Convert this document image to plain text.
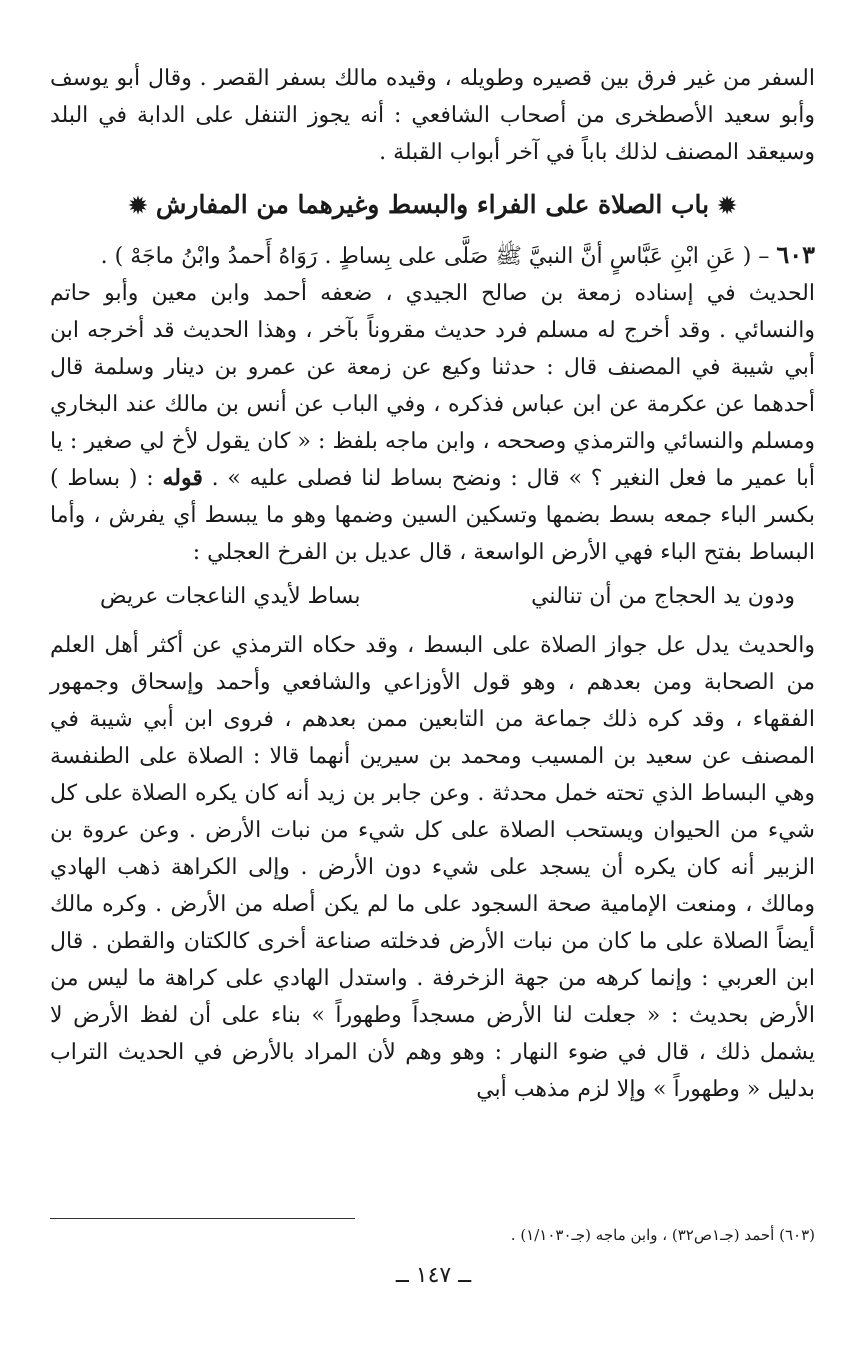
السفر من غير فرق بين قصيره وطويله ، وقيده مالك بسفر القصر . وقال أبو يوسف وأبو سعيد الأصطخرى من أصحاب الشافعي : أنه يجوز التنفل على الدابة في البلد وسيعقد المصنف لذلك باباً في آخر أبواب القبلة .

✹ باب الصلاة على الفراء والبسط وغيرهما من المفارش ✹

٦٠٣ – ( عَنِ ابْنِ عَبَّاسٍ أنَّ النبيَّ ﷺ صَلَّى على بِساطٍ . رَوَاهُ أَحمدُ وابْنُ ماجَهْ ) .

الحديث في إسناده زمعة بن صالح الجيدي ، ضعفه أحمد وابن معين وأبو حاتم والنسائي . وقد أخرج له مسلم فرد حديث مقروناً بآخر ، وهذا الحديث قد أخرجه ابن أبي شيبة في المصنف قال : حدثنا وكيع عن زمعة عن عمرو بن دينار وسلمة قال أحدهما عن عكرمة عن ابن عباس فذكره ، وفي الباب عن أنس بن مالك عند البخاري ومسلم والنسائي والترمذي وصححه ، وابن ماجه بلفظ : « كان يقول لأخ لي صغير : يا أبا عمير ما فعل النغير ؟ » قال : ونضح بساط لنا فصلى عليه » . قوله : ( بساط ) بكسر الباء جمعه بسط بضمها وتسكين السين وضمها وهو ما يبسط أي يفرش ، وأما البساط بفتح الباء فهي الأرض الواسعة ، قال عديل بن الفرخ العجلي :

ودون يد الحجاج من أن تنالني
بساط لأيدي الناعجات عريض

والحديث يدل عل جواز الصلاة على البسط ، وقد حكاه الترمذي عن أكثر أهل العلم من الصحابة ومن بعدهم ، وهو قول الأوزاعي والشافعي وأحمد وإسحاق وجمهور الفقهاء ، وقد كره ذلك جماعة من التابعين ممن بعدهم ، فروى ابن أبي شيبة في المصنف عن سعيد بن المسيب ومحمد بن سيرين أنهما قالا : الصلاة على الطنفسة وهي البساط الذي تحته خمل محدثة . وعن جابر بن زيد أنه كان يكره الصلاة على كل شيء من الحيوان ويستحب الصلاة على كل شيء من نبات الأرض . وعن عروة بن الزبير أنه كان يكره أن يسجد على شيء دون الأرض . وإلى الكراهة ذهب الهادي ومالك ، ومنعت الإمامية صحة السجود على ما لم يكن أصله من الأرض . وكره مالك أيضاً الصلاة على ما كان من نبات الأرض فدخلته صناعة أخرى كالكتان والقطن . قال ابن العربي : وإنما كرهه من جهة الزخرفة . واستدل الهادي على كراهة ما ليس من الأرض بحديث : « جعلت لنا الأرض مسجداً وطهوراً » بناء على أن لفظ الأرض لا يشمل ذلك ، قال في ضوء النهار : وهو وهم لأن المراد بالأرض في الحديث التراب بدليل « وطهوراً » وإلا لزم مذهب أبي

(٦٠٣) أحمد (جـ١ص٣٢) ، وابن ماجه (جـ١/١٠٣٠) .
ــ ١٤٧ ــ
